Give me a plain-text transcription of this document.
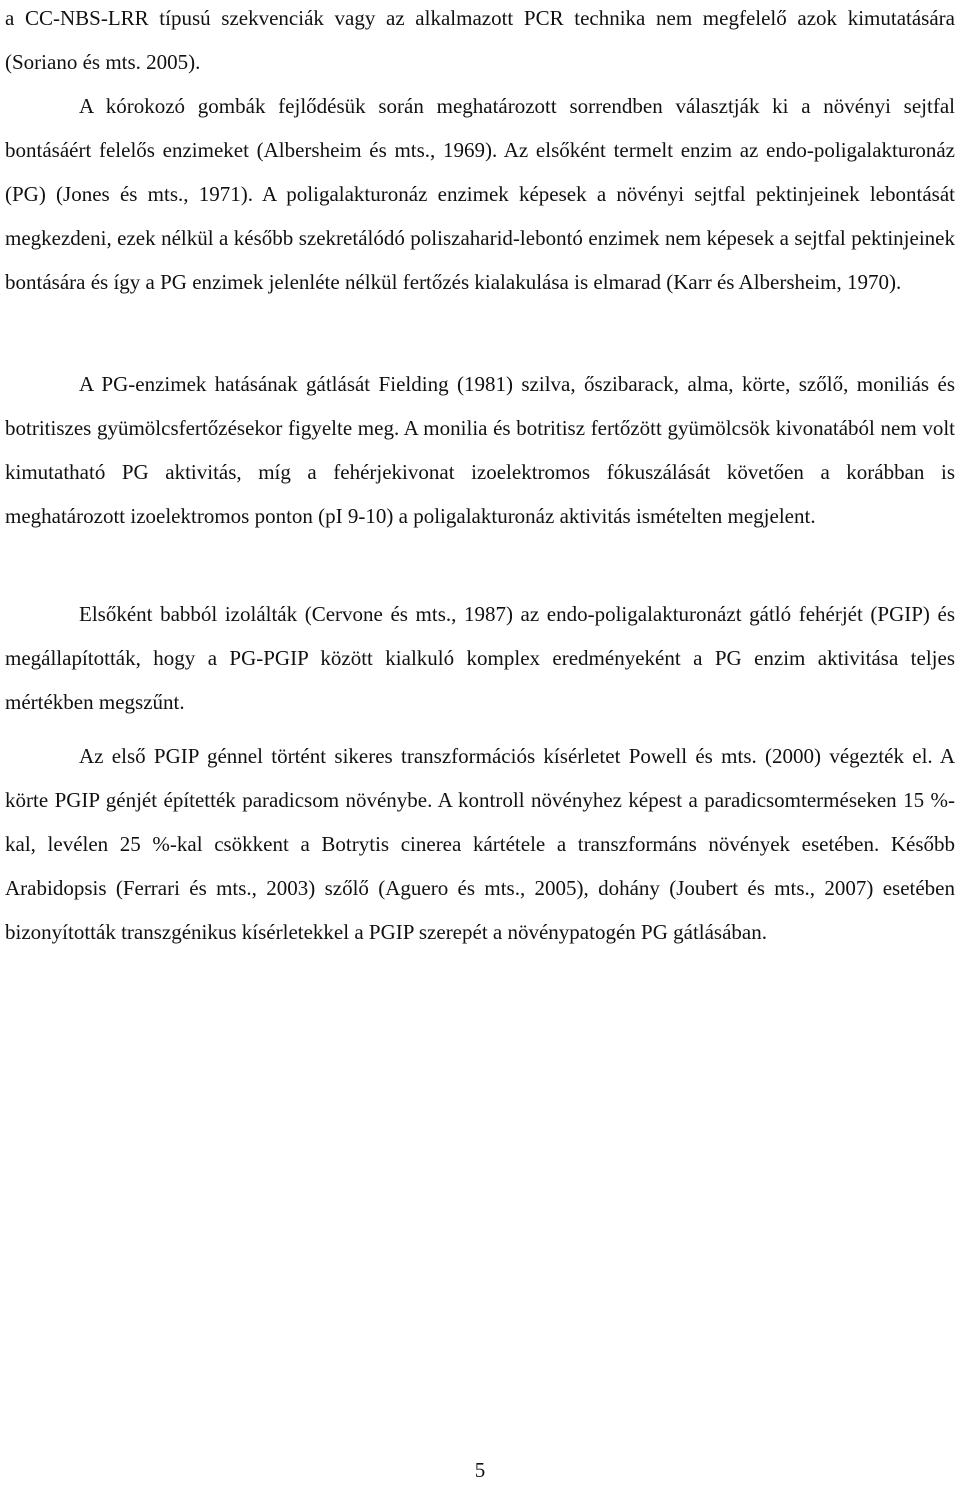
a CC-NBS-LRR típusú szekvenciák vagy az alkalmazott PCR technika nem megfelelő azok kimutatására (Soriano és mts. 2005).

A kórokozó gombák fejlődésük során meghatározott sorrendben választják ki a növényi sejtfal bontásáért felelős enzimeket (Albersheim és mts., 1969). Az elsőként termelt enzim az endo-poligalakturonáz (PG) (Jones és mts., 1971). A poligalakturonáz enzimek képesek a növényi sejtfal pektinjeinek lebontását megkezdeni, ezek nélkül a később szekretálódó poliszaharid-lebontó enzimek nem képesek a sejtfal pektinjeinek bontására és így a PG enzimek jelenléte nélkül fertőzés kialakulása is elmarad (Karr és Albersheim, 1970).

A PG-enzimek hatásának gátlását Fielding (1981) szilva, őszibarack, alma, körte, szőlő, moniliás és botritiszes gyümölcsfertőzésekor figyelte meg. A monilia és botritisz fertőzött gyümölcsök kivonatából nem volt kimutatható PG aktivitás, míg a fehérjekivonat izoelektromos fókuszálását követően a korábban is meghatározott izoelektromos ponton (pI 9-10) a poligalakturonáz aktivitás ismételten megjelent.

Elsőként babból izolálták (Cervone és mts., 1987) az endo-poligalakturonázt gátló fehérjét (PGIP) és megállapították, hogy a PG-PGIP között kialkuló komplex eredményeként a PG enzim aktivitása teljes mértékben megszűnt.

Az első PGIP génnel történt sikeres transzformációs kísérletet Powell és mts. (2000) végezték el. A körte PGIP génjét építették paradicsom növénybe. A kontroll növényhez képest a paradicsomterméseken 15 %-kal, levélen 25 %-kal csökkent a Botrytis cinerea kártétele a transzformáns növények esetében. Később Arabidopsis (Ferrari és mts., 2003) szőlő (Aguero és mts., 2005), dohány (Joubert és mts., 2007) esetében bizonyították transzgénikus kísérletekkel a PGIP szerepét a növénypatogén PG gátlásában.

5
